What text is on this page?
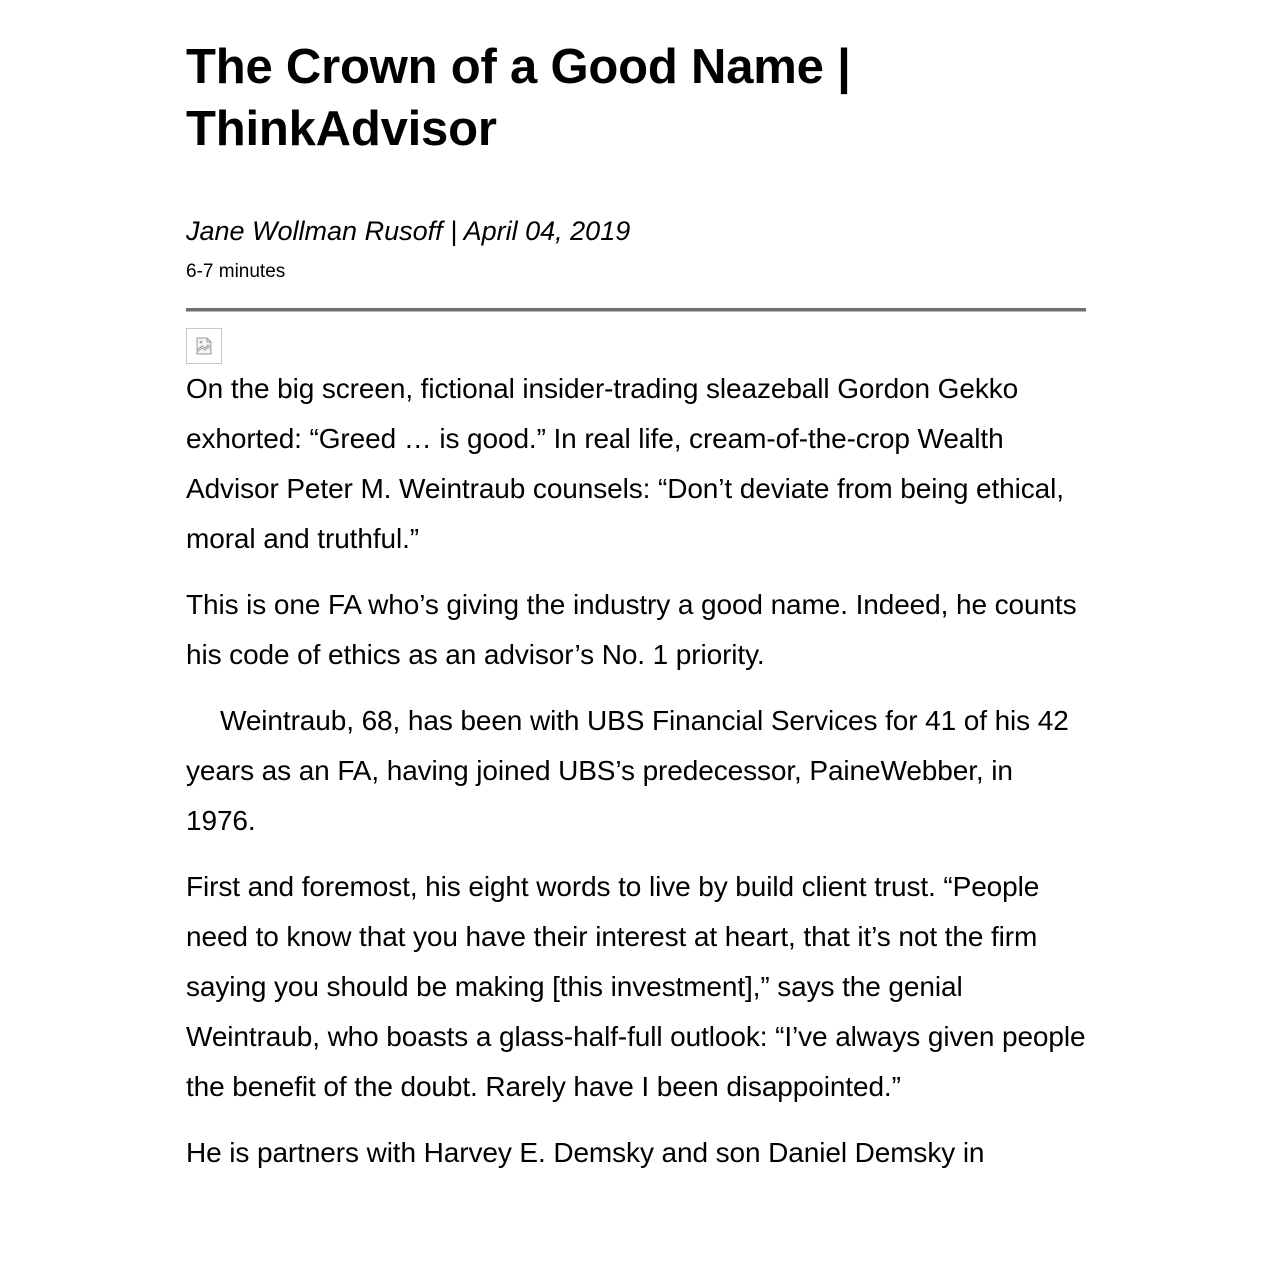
The Crown of a Good Name | ThinkAdvisor
Jane Wollman Rusoff | April 04, 2019
6-7 minutes

On the big screen, fictional insider-trading sleazeball Gordon Gekko exhorted: “Greed … is good.” In real life, cream-of-the-crop Wealth Advisor Peter M. Weintraub counsels: “Don’t deviate from being ethical, moral and truthful.”

This is one FA who’s giving the industry a good name. Indeed, he counts his code of ethics as an advisor’s No. 1 priority.

Weintraub, 68, has been with UBS Financial Services for 41 of his 42 years as an FA, having joined UBS’s predecessor, PaineWebber, in 1976.

First and foremost, his eight words to live by build client trust. “People need to know that you have their interest at heart, that it’s not the firm saying you should be making [this investment],” says the genial Weintraub, who boasts a glass-half-full outlook: “I’ve always given people the benefit of the doubt. Rarely have I been disappointed.”

He is partners with Harvey E. Demsky and son Daniel Demsky in
